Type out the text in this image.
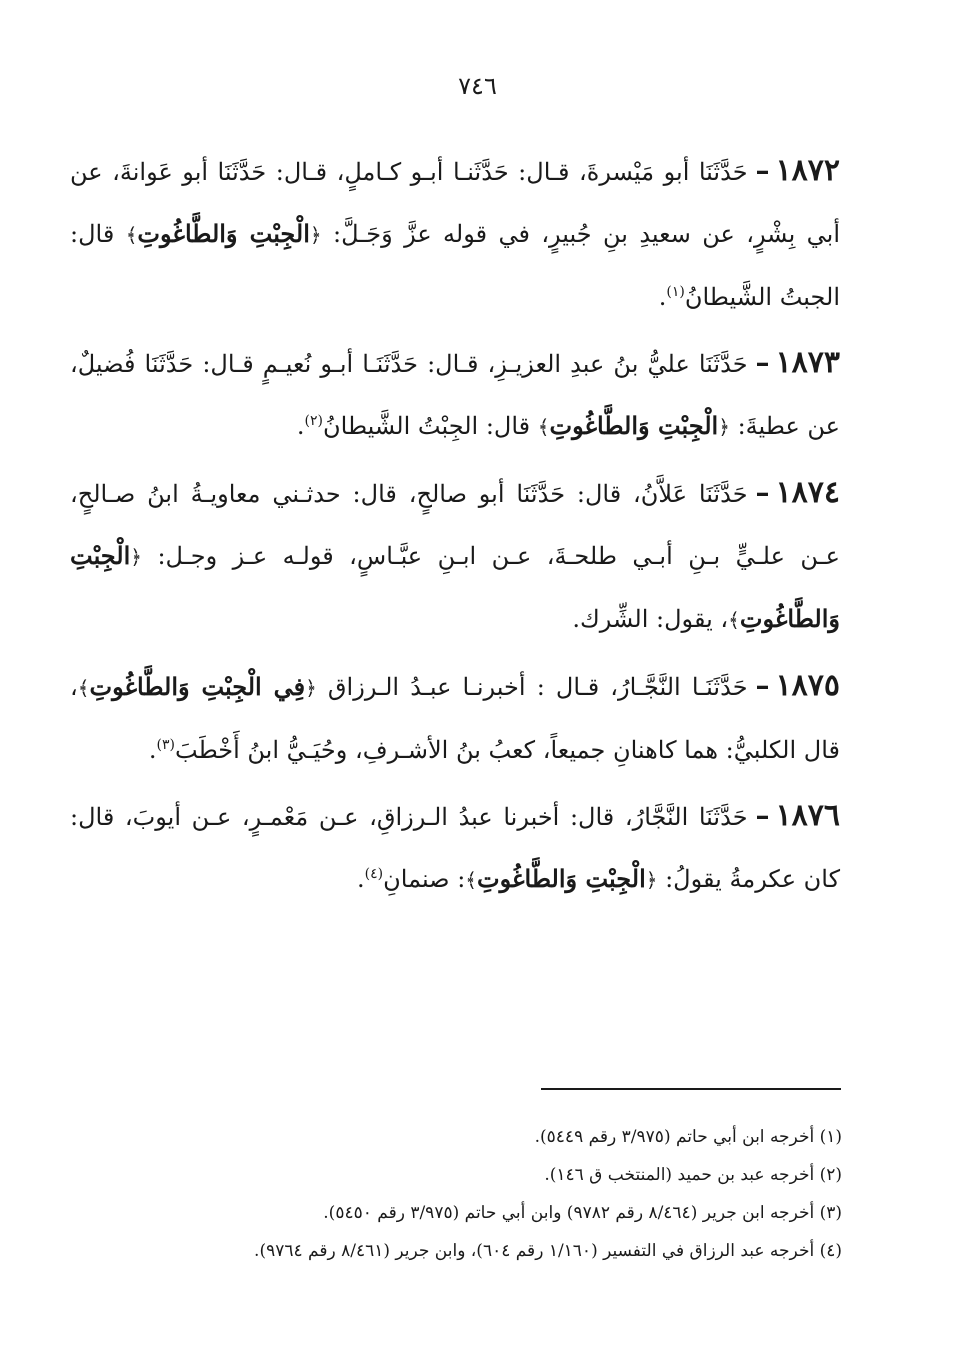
٧٤٦

١٨٧٢–حَدَّثَنَا أبو مَيْسرةَ، قـال: حَدَّثَنـا أبـو كـاملٍ، قـال: حَدَّثَنَا أبو عَوانةَ، عن أبي بِشْرٍ، عن سعيدِ بنِ جُبيرٍ، في قوله عزَّ وَجَـلَّ: ﴿الْجِبْتِ وَالطَّاغُوتِ﴾ قال: الجبتُ الشَّيطانُ$^{(١)}$.

١٨٧٣–حَدَّثَنَا عليُّ بنُ عبدِ العزيـزِ، قـال: حَدَّثَنَـا أبـو نُعيـمٍ قـال: حَدَّثَنَا فُضيلٌ، عن عطيةَ: ﴿الْجِبْتِ وَالطَّاغُوتِ﴾ قال: الجِبْتُ الشَّيطانُ$^{(٢)}$.

١٨٧٤–حَدَّثَنَا عَلاَّنُ، قال: حَدَّثَنَا أبو صالحٍ، قال: حدثـني معاويـةُ ابنُ صـالحٍ، عـن علـيٍّ بـنِ أبـي طلحـةَ، عـن ابـنِ عبَّـاسٍ، قولـه عـز وجـل: ﴿الْجِبْتِ وَالطَّاغُوتِ﴾، يقول: الشِّرك.

١٨٧٥–حَدَّثَنَـا النَّجَّـارُ، قـال : أخبرنـا عبـدُ الـرزاق ﴿فِي الْجِبْتِ وَالطَّاغُوتِ﴾، قال الكلبيُّ: هما كاهنانِ جميعاً، كعبُ بنُ الأشـرفِ، وحُيَـيُّ ابنُ أَخْطَبَ$^{(٣)}$.

١٨٧٦–حَدَّثَنَا النَّجَّارُ، قال: أخبرنا عبدُ الـرزاقِ، عـن مَعْمـرٍ، عـن أيوبَ، قال: كان عكرمةُ يقولُ: ﴿الْجِبْتِ وَالطَّاغُوتِ﴾: صنمانِ$^{(٤)}$.

(١) أخرجه ابن أبي حاتم (٣/٩٧٥ رقم ٥٤٤٩).

(٢) أخرجه عبد بن حميد (المنتخب ق ١٤٦).

(٣) أخرجه ابن جرير (٨/٤٦٤ رقم ٩٧٨٢) وابن أبي حاتم (٣/٩٧٥ رقم ٥٤٥٠).

(٤) أخرجه عبد الرزاق في التفسير (١/١٦٠ رقم ٦٠٤)، وابن جرير (٨/٤٦١ رقم ٩٧٦٤).
